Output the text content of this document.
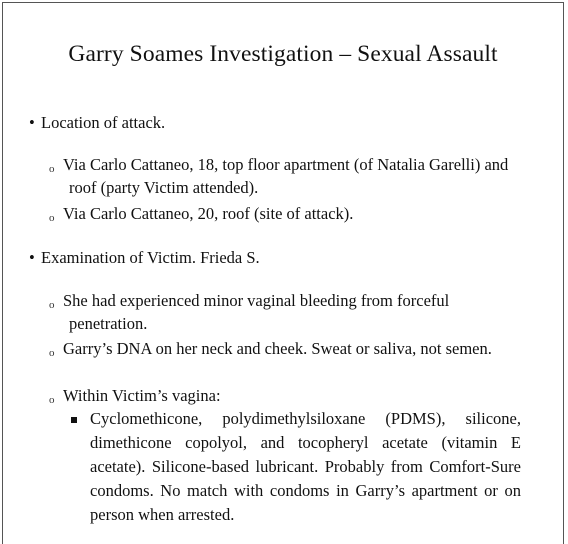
Garry Soames Investigation – Sexual Assault
• Location of attack.
o Via Carlo Cattaneo, 18, top floor apartment (of Natalia Garelli) and roof (party Victim attended).
o Via Carlo Cattaneo, 20, roof (site of attack).
• Examination of Victim. Frieda S.
o She had experienced minor vaginal bleeding from forceful penetration.
o Garry’s DNA on her neck and cheek. Sweat or saliva, not semen.
o Within Victim’s vagina:
Cyclomethicone, polydimethylsiloxane (PDMS), silicone, dimethicone copolyol, and tocopheryl acetate (vitamin E acetate). Silicone-based lubricant. Probably from Comfort-Sure condoms. No match with condoms in Garry’s apartment or on person when arrested.
